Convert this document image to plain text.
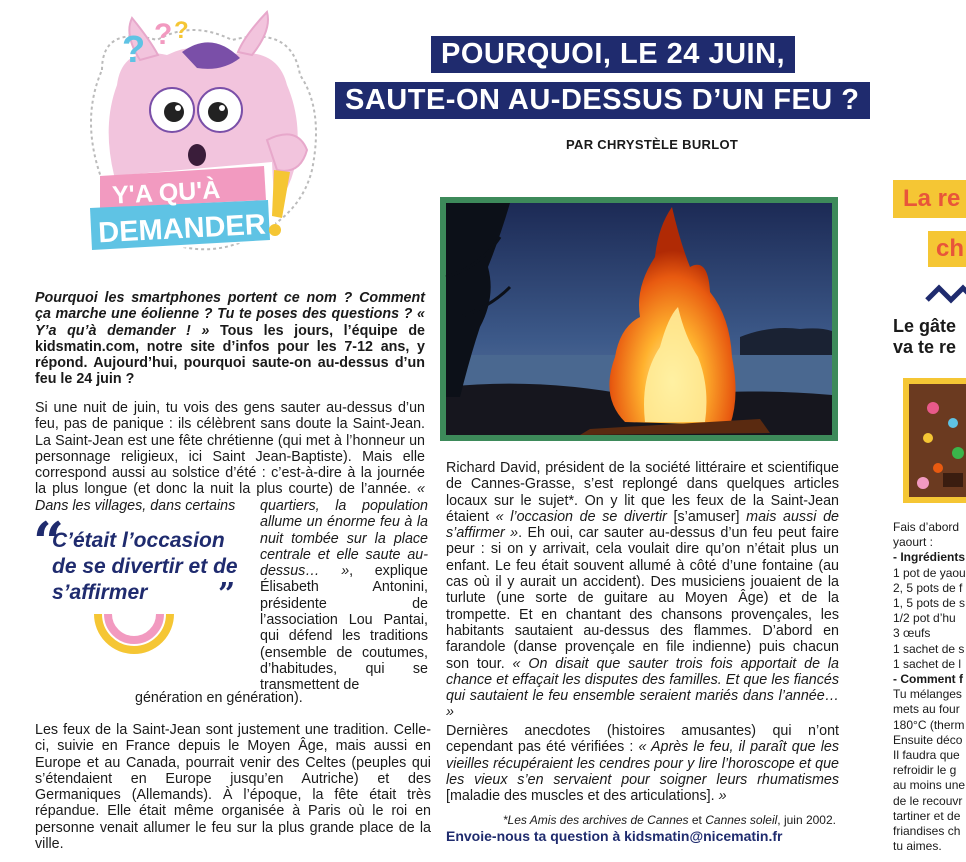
? ? ?
Y'A QU'À
DEMANDER
POURQUOI, LE 24 JUIN,
SAUTE-ON AU-DESSUS D’UN FEU ?
PAR CHRYSTÈLE BURLOT
Pourquoi les smartphones portent ce nom ? Comment ça marche une éolienne ? Tu te poses des questions ? « Y’a qu’à demander ! » Tous les jours, l’équipe de kidsmatin.com, notre site d’infos pour les 7-12 ans, y répond. Aujourd’hui, pourquoi saute-on au-dessus d’un feu le 24 juin ?
Si une nuit de juin, tu vois des gens sauter au-dessus d’un feu, pas de panique : ils célèbrent sans doute la Saint-Jean. La Saint-Jean est une fête chrétienne (qui met à l’honneur un personnage religieux, ici Saint Jean-Baptiste). Mais elle correspond aussi au solstice d’été : c’est-à-dire à la journée la plus longue (et donc la nuit la plus courte) de l’année. « Dans les villages, dans certains	quartiers, la population allume un énorme feu à la nuit tombée sur la place centrale et elle saute au-dessus… », explique Élisabeth Antonini, présidente de l’association Lou Pantai, qui défend les traditions (ensemble de coutumes, d’habitudes, qui se transmettent de
génération en génération).
Les feux de la Saint-Jean sont justement une tradition. Celle-ci, suivie en France depuis le Moyen Âge, mais aussi en Europe et au Canada, pourrait venir des Celtes (peuples qui s’étendaient en Europe jusqu’en Autriche) et des Germaniques (Allemands). À l’époque, la fête était très répandue. Elle était même organisée à Paris où le roi en personne venait allumer le feu sur la plus grande place de la ville.
“
C’était l’occasion de se divertir et de s’affirmer	”
Richard David, président de la société littéraire et scientifique de Cannes-Grasse, s’est replongé dans quelques articles locaux sur le sujet*. On y lit que les feux de la Saint-Jean étaient « l’occasion de se divertir [s’amuser] mais aussi de s’affirmer ». Eh oui, car sauter au-dessus d’un feu peut faire peur : si on y arrivait, cela voulait dire qu’on n’était plus un enfant. Le feu était souvent allumé à côté d’une fontaine (au cas où il y aurait un accident). Des musiciens jouaient de la turlute (une sorte de guitare au Moyen Âge) et de la trompette. Et en chantant des chansons provençales, les habitants sautaient au-dessus des flammes. D’abord en farandole (danse provençale en file indienne) puis chacun son tour. « On disait que sauter trois fois apportait de la chance et effaçait les disputes des familles. Et que les fiancés qui sautaient le feu ensemble seraient mariés dans l’année… »
Dernières anecdotes (histoires amusantes) qui n’ont cependant pas été vérifiées : « Après le feu, il paraît que les vieilles récupéraient les cendres pour y lire l’horoscope et que les vieux s’en servaient pour soigner leurs rhumatismes [maladie des muscles et des articulations]. »
*Les Amis des archives de Cannes et Cannes soleil, juin 2002.
Envoie-nous ta question à kidsmatin@nicematin.fr
La re
ch
Le gâte
va te re
Fais d’abord
yaourt :
- Ingrédients
1 pot de yaou
2, 5 pots de f
1, 5 pots de s
1/2 pot d’hu
3 œufs
1 sachet de s
1 sachet de l
- Comment f
Tu mélanges
mets au four
180°C (therm
Ensuite déco
Il faudra que
refroidir le g
au moins une
de le recouvr
tartiner et de
friandises ch
tu aimes.
